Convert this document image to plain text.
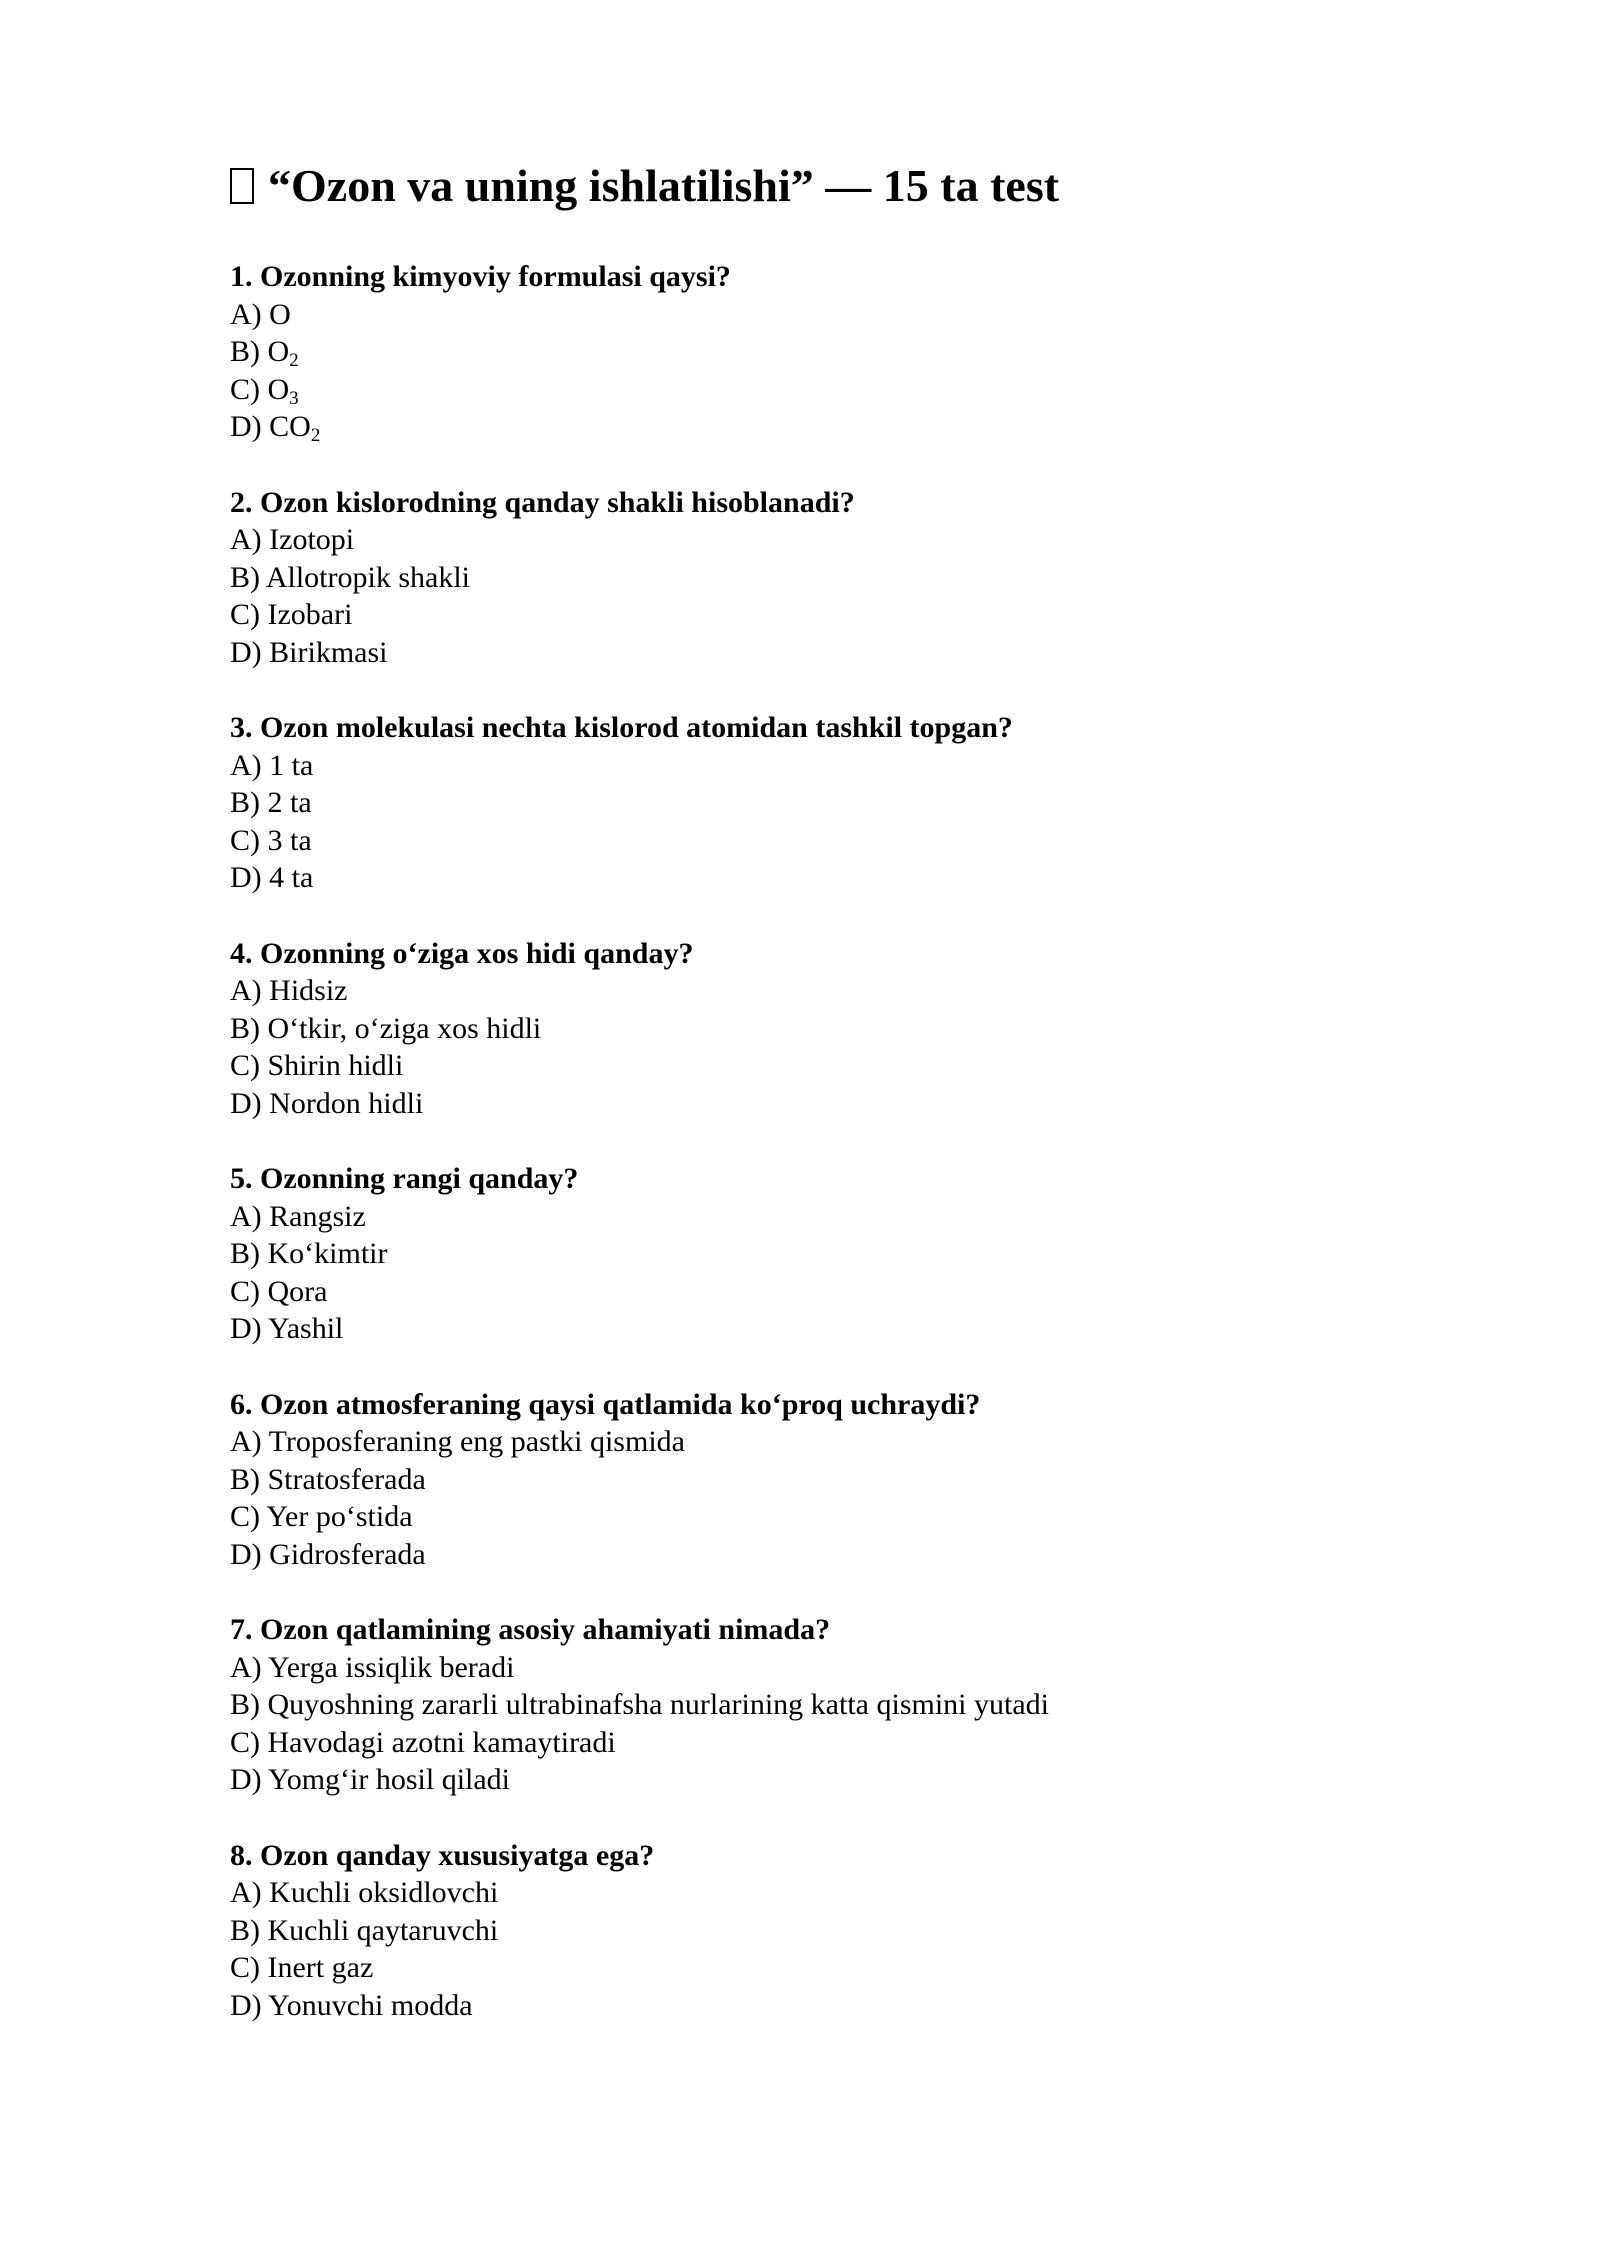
“Ozon va uning ishlatilishi” — 15 ta test
1. Ozonning kimyoviy formulasi qaysi?
A) O
B) $O_2$
C) $O_3$
D) $CO_2$
2. Ozon kislorodning qanday shakli hisoblanadi?
A) Izotopi
B) Allotropik shakli
C) Izobari
D) Birikmasi
3. Ozon molekulasi nechta kislorod atomidan tashkil topgan?
A) 1 ta
B) 2 ta
C) 3 ta
D) 4 ta
4. Ozonning o‘ziga xos hidi qanday?
A) Hidsiz
B) O‘tkir, o‘ziga xos hidli
C) Shirin hidli
D) Nordon hidli
5. Ozonning rangi qanday?
A) Rangsiz
B) Ko‘kimtir
C) Qora
D) Yashil
6. Ozon atmosferaning qaysi qatlamida ko‘proq uchraydi?
A) Troposferaning eng pastki qismida
B) Stratosferada
C) Yer po‘stida
D) Gidrosferada
7. Ozon qatlamining asosiy ahamiyati nimada?
A) Yerga issiqlik beradi
B) Quyoshning zararli ultrabinafsha nurlarining katta qismini yutadi
C) Havodagi azotni kamaytiradi
D) Yomg‘ir hosil qiladi
8. Ozon qanday xususiyatga ega?
A) Kuchli oksidlovchi
B) Kuchli qaytaruvchi
C) Inert gaz
D) Yonuvchi modda
